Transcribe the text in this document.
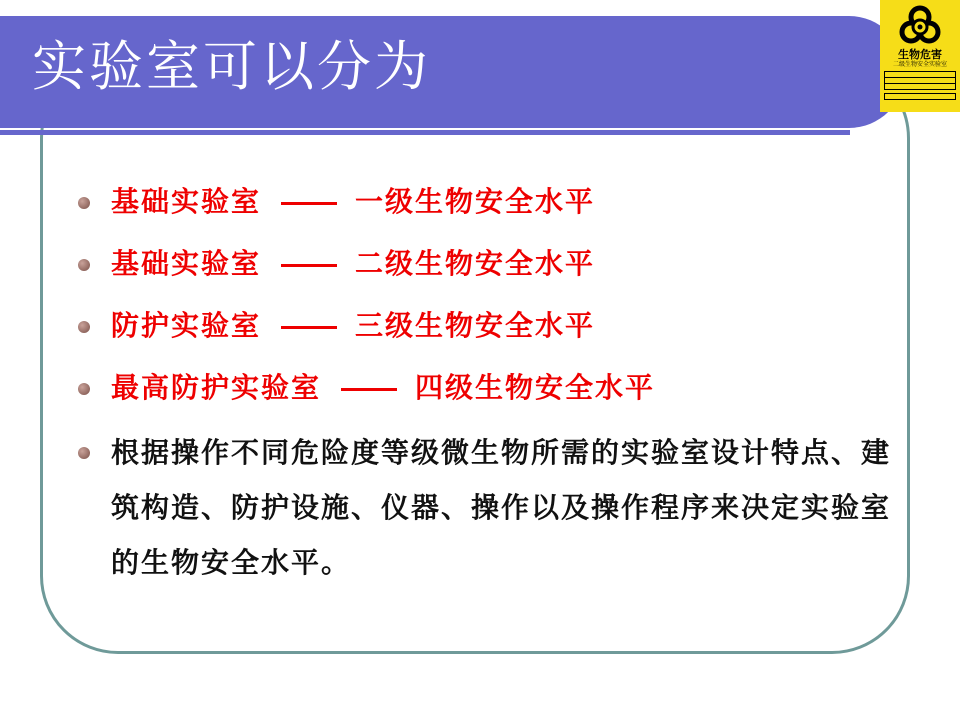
实验室可以分为	生物危害
二级生物安全实验室
基础实验室	一级生物安全水平
基础实验室	二级生物安全水平
防护实验室	三级生物安全水平
最高防护实验室	四级生物安全水平
根据操作不同危险度等级微生物所需的实验室设计特点、建筑构造、防护设施、仪器、操作以及操作程序来决定实验室的生物安全水平。
